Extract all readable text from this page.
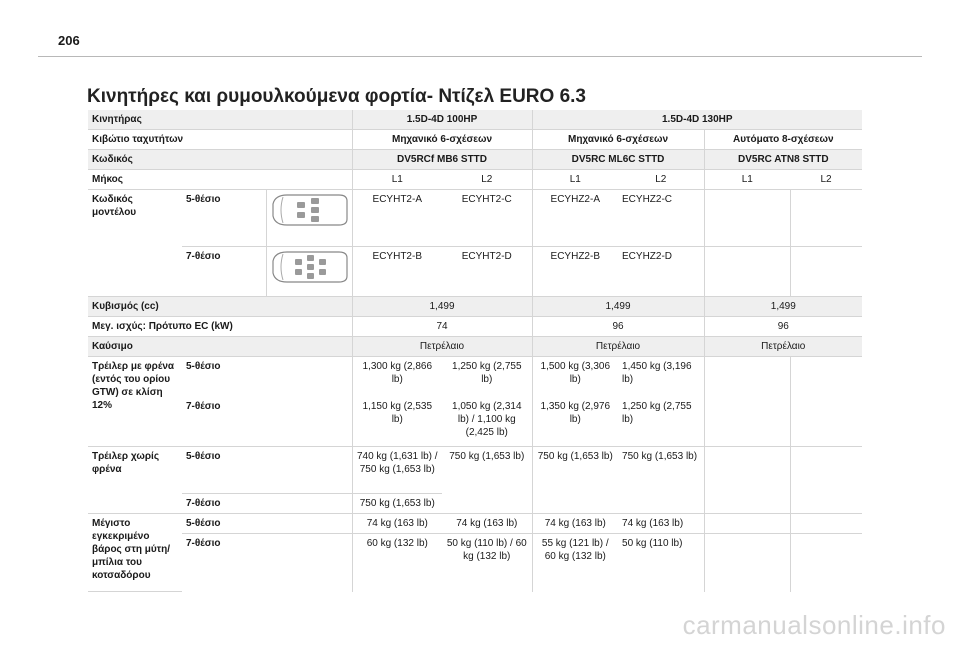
206
Κινητήρες και ρυμουλκούμενα φορτία- Ντίζελ EURO 6.3
Κινητήρας			1.5D-4D 100HP		1.5D-4D 130HP			
Κιβώτιο ταχυτήτων			Μηχανικό 6-σχέσεων		Μηχανικό 6-σχέσεων		Αυτόματο 8-σχέσεων	
Κωδικός			DV5RCf MB6 STTD		DV5RC ML6C STTD		DV5RC ATN8 STTD	
Μήκος			L1	L2	L1	L2	L1	L2
Κωδικός μοντέλου	5-θέσιο		ECYHT2-A	ECYHT2-C	ECYHZ2-A	ECYHZ2-C		
	7-θέσιο		ECYHT2-B	ECYHT2-D	ECYHZ2-B	ECYHZ2-D		
Κυβισμός (cc)			1,499		1,499		1,499	
Μεγ. ισχύς: Πρότυπο EC (kW)			74		96		96	
Καύσιμο			Πετρέλαιο		Πετρέλαιο		Πετρέλαιο	
Τρέιλερ με φρένα (εντός του ορίου GTW) σε κλίση 12%	5-θέσιο		1,300 kg (2,866 lb)	1,250 kg (2,755 lb)	1,500 kg (3,306 lb)	1,450 kg (3,196 lb)		
	7-θέσιο		1,150 kg (2,535 lb)	1,050 kg (2,314 lb) / 1,100 kg (2,425 lb)	1,350 kg (2,976 lb)	1,250 kg (2,755 lb)		
Τρέιλερ χωρίς φρένα	5-θέσιο		740 kg (1,631 lb) / 750 kg (1,653 lb)	750 kg (1,653 lb)	750 kg (1,653 lb)	750 kg (1,653 lb)		
	7-θέσιο		750 kg (1,653 lb)					
Μέγιστο εγκεκριμένο βάρος στη μύτη/μπίλια του κοτσαδόρου	5-θέσιο		74 kg (163 lb)	74 kg (163 lb)	74 kg (163 lb)	74 kg (163 lb)		
	7-θέσιο		60 kg (132 lb)	50 kg (110 lb) / 60 kg (132 lb)	55 kg (121 lb) / 60 kg (132 lb)	50 kg (110 lb)		
carmanualsonline.info
